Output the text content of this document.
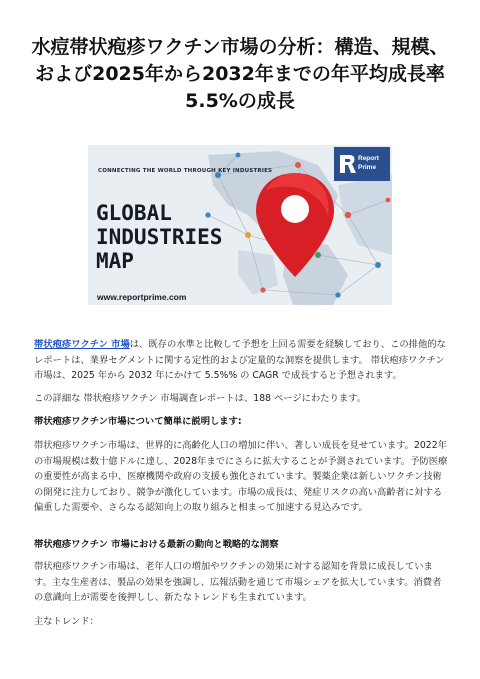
水痘帯状疱疹ワクチン市場の分析：構造、規模、および2025年から2032年までの年平均成長率5.5%の成長
CONNECTING THE WORLD THROUGH KEY INDUSTRIES
GLOBAL
INDUSTRIES
MAP
www.reportprime.com
Report
Prime
帯状疱疹ワクチン 市場は、既存の水準と比較して予想を上回る需要を経験しており、この排他的なレポートは、業界セグメントに関する定性的および定量的な洞察を提供します。 帯状疱疹ワクチン 市場は、2025 年から 2032 年にかけて 5.5%% の CAGR で成長すると予想されます。
この詳細な 帯状疱疹ワクチン 市場調査レポートは、188 ページにわたります。
帯状疱疹ワクチン市場について簡単に説明します:
帯状疱疹ワクチン市場は、世界的に高齢化人口の増加に伴い、著しい成長を見せています。2022年の市場規模は数十億ドルに達し、2028年までにさらに拡大することが予測されています。予防医療の重要性が高まる中、医療機関や政府の支援も強化されています。製薬企業は新しいワクチン技術の開発に注力しており、競争が激化しています。市場の成長は、発症リスクの高い高齢者に対する偏重した需要や、さらなる認知向上の取り組みと相まって加速する見込みです。
帯状疱疹ワクチン 市場における最新の動向と戦略的な洞察
帯状疱疹ワクチン市場は、老年人口の増加やワクチンの効果に対する認知を背景に成長しています。主な生産者は、製品の効果を強調し、広報活動を通じて市場シェアを拡大しています。消費者の意識向上が需要を後押しし、新たなトレンドも生まれています。
主なトレンド：
